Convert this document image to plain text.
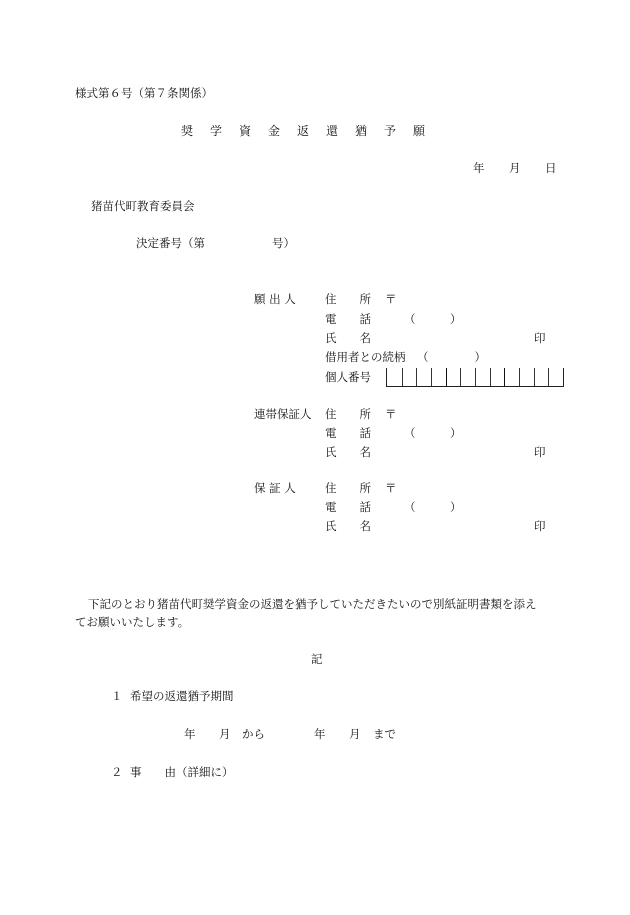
様式第６号（第７条関係）
奨 学 資 金 返 還 猶 予 願
年 月 日
猪苗代町教育委員会
決定番号（第	号）
願 出 人	住　　所 〒
電　　話	（　　　）
氏　　名	印
借用者との続柄 （　　　　）
個人番号
連帯保証人 住　　所 〒
電　　話	（　　　）
氏　　名	印
保 証 人	住　　所 〒
電　　話	（　　　）
氏　　名	印
下記のとおり猪苗代町奨学資金の返還を猶予していただきたいので別紙証明書類を添え
てお願いいたします。
記
１ 希望の返還猶予期間
年 月 から	年 月 まで
２ 事　　由（詳細に）
